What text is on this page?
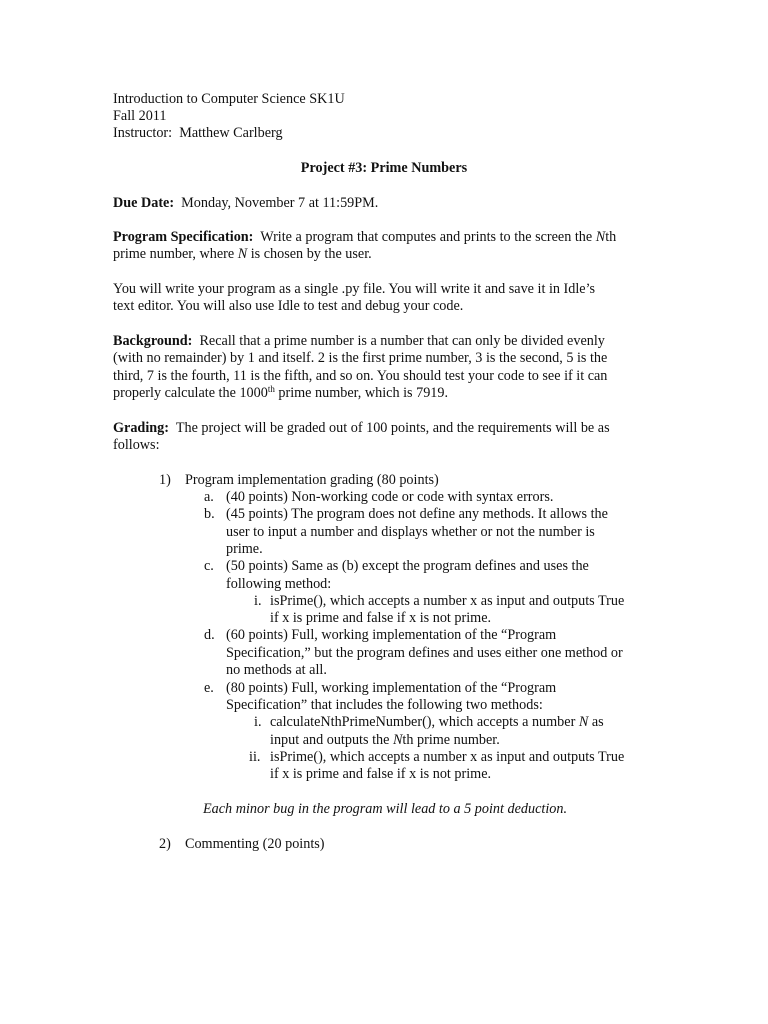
Introduction to Computer Science SK1U
Fall 2011
Instructor: Matthew Carlberg
Project #3: Prime Numbers
Due Date: Monday, November 7 at 11:59PM.
Program Specification: Write a program that computes and prints to the screen the Nth
prime number, where N is chosen by the user.
You will write your program as a single .py file. You will write it and save it in Idle’s
text editor. You will also use Idle to test and debug your code.
Background: Recall that a prime number is a number that can only be divided evenly
(with no remainder) by 1 and itself. 2 is the first prime number, 3 is the second, 5 is the
third, 7 is the fourth, 11 is the fifth, and so on. You should test your code to see if it can
properly calculate the 1000th prime number, which is 7919.
Grading: The project will be graded out of 100 points, and the requirements will be as
follows:
1) Program implementation grading (80 points)
a. (40 points) Non-working code or code with syntax errors.
b. (45 points) The program does not define any methods. It allows the
user to input a number and displays whether or not the number is
prime.
c. (50 points) Same as (b) except the program defines and uses the
following method:
i. isPrime(), which accepts a number x as input and outputs True
if x is prime and false if x is not prime.
d. (60 points) Full, working implementation of the “Program
Specification,” but the program defines and uses either one method or
no methods at all.
e. (80 points) Full, working implementation of the “Program
Specification” that includes the following two methods:
i. calculateNthPrimeNumber(), which accepts a number N as
input and outputs the Nth prime number.
ii. isPrime(), which accepts a number x as input and outputs True
if x is prime and false if x is not prime.
Each minor bug in the program will lead to a 5 point deduction.
2) Commenting (20 points)
